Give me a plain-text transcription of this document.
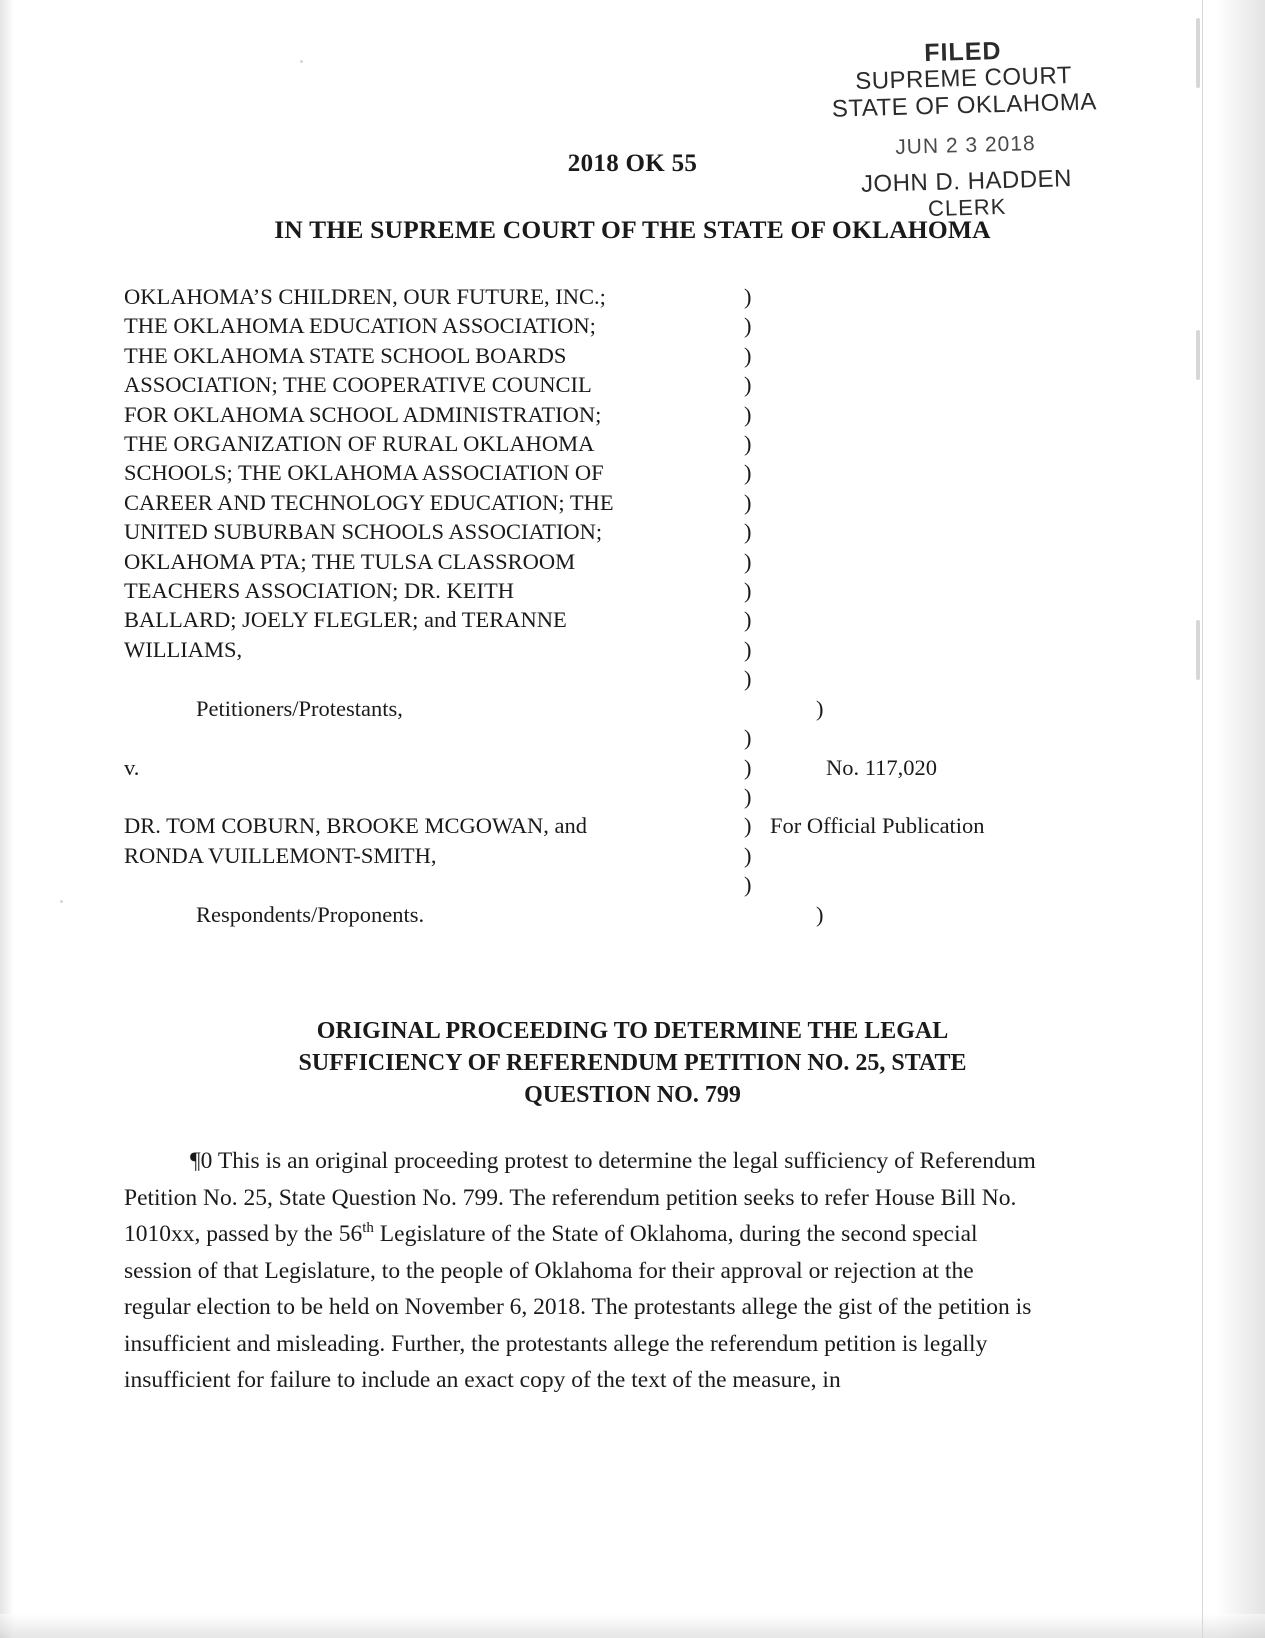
FILED
SUPREME COURT
STATE OF OKLAHOMA
JUN 2 3 2018
JOHN D. HADDEN
CLERK
2018 OK 55
IN THE SUPREME COURT OF THE STATE OF OKLAHOMA
OKLAHOMA’S CHILDREN, OUR FUTURE, INC.;	)
THE OKLAHOMA EDUCATION ASSOCIATION;	)
THE OKLAHOMA STATE SCHOOL BOARDS	)
ASSOCIATION; THE COOPERATIVE COUNCIL	)
FOR OKLAHOMA SCHOOL ADMINISTRATION;	)
THE ORGANIZATION OF RURAL OKLAHOMA	)
SCHOOLS; THE OKLAHOMA ASSOCIATION OF	)
CAREER AND TECHNOLOGY EDUCATION; THE	)
UNITED SUBURBAN SCHOOLS ASSOCIATION;	)
OKLAHOMA PTA; THE TULSA CLASSROOM	)
TEACHERS ASSOCIATION; DR. KEITH	)
BALLARD; JOELY FLEGLER; and TERANNE	)
WILLIAMS,	)

)
Petitioners/Protestants,	)

)
v.	)	No. 117,020

)
DR. TOM COBURN, BROOKE MCGOWAN, and	) For Official Publication
RONDA VUILLEMONT-SMITH,	)

)
Respondents/Proponents.	)
ORIGINAL PROCEEDING TO DETERMINE THE LEGAL
SUFFICIENCY OF REFERENDUM PETITION NO. 25, STATE
QUESTION NO. 799
¶0 This is an original proceeding protest to determine the legal sufficiency of Referendum Petition No. 25, State Question No. 799. The referendum petition seeks to refer House Bill No. 1010xx, passed by the 56th Legislature of the State of Oklahoma, during the second special session of that Legislature, to the people of Oklahoma for their approval or rejection at the regular election to be held on November 6, 2018. The protestants allege the gist of the petition is insufficient and misleading. Further, the protestants allege the referendum petition is legally insufficient for failure to include an exact copy of the text of the measure, in
